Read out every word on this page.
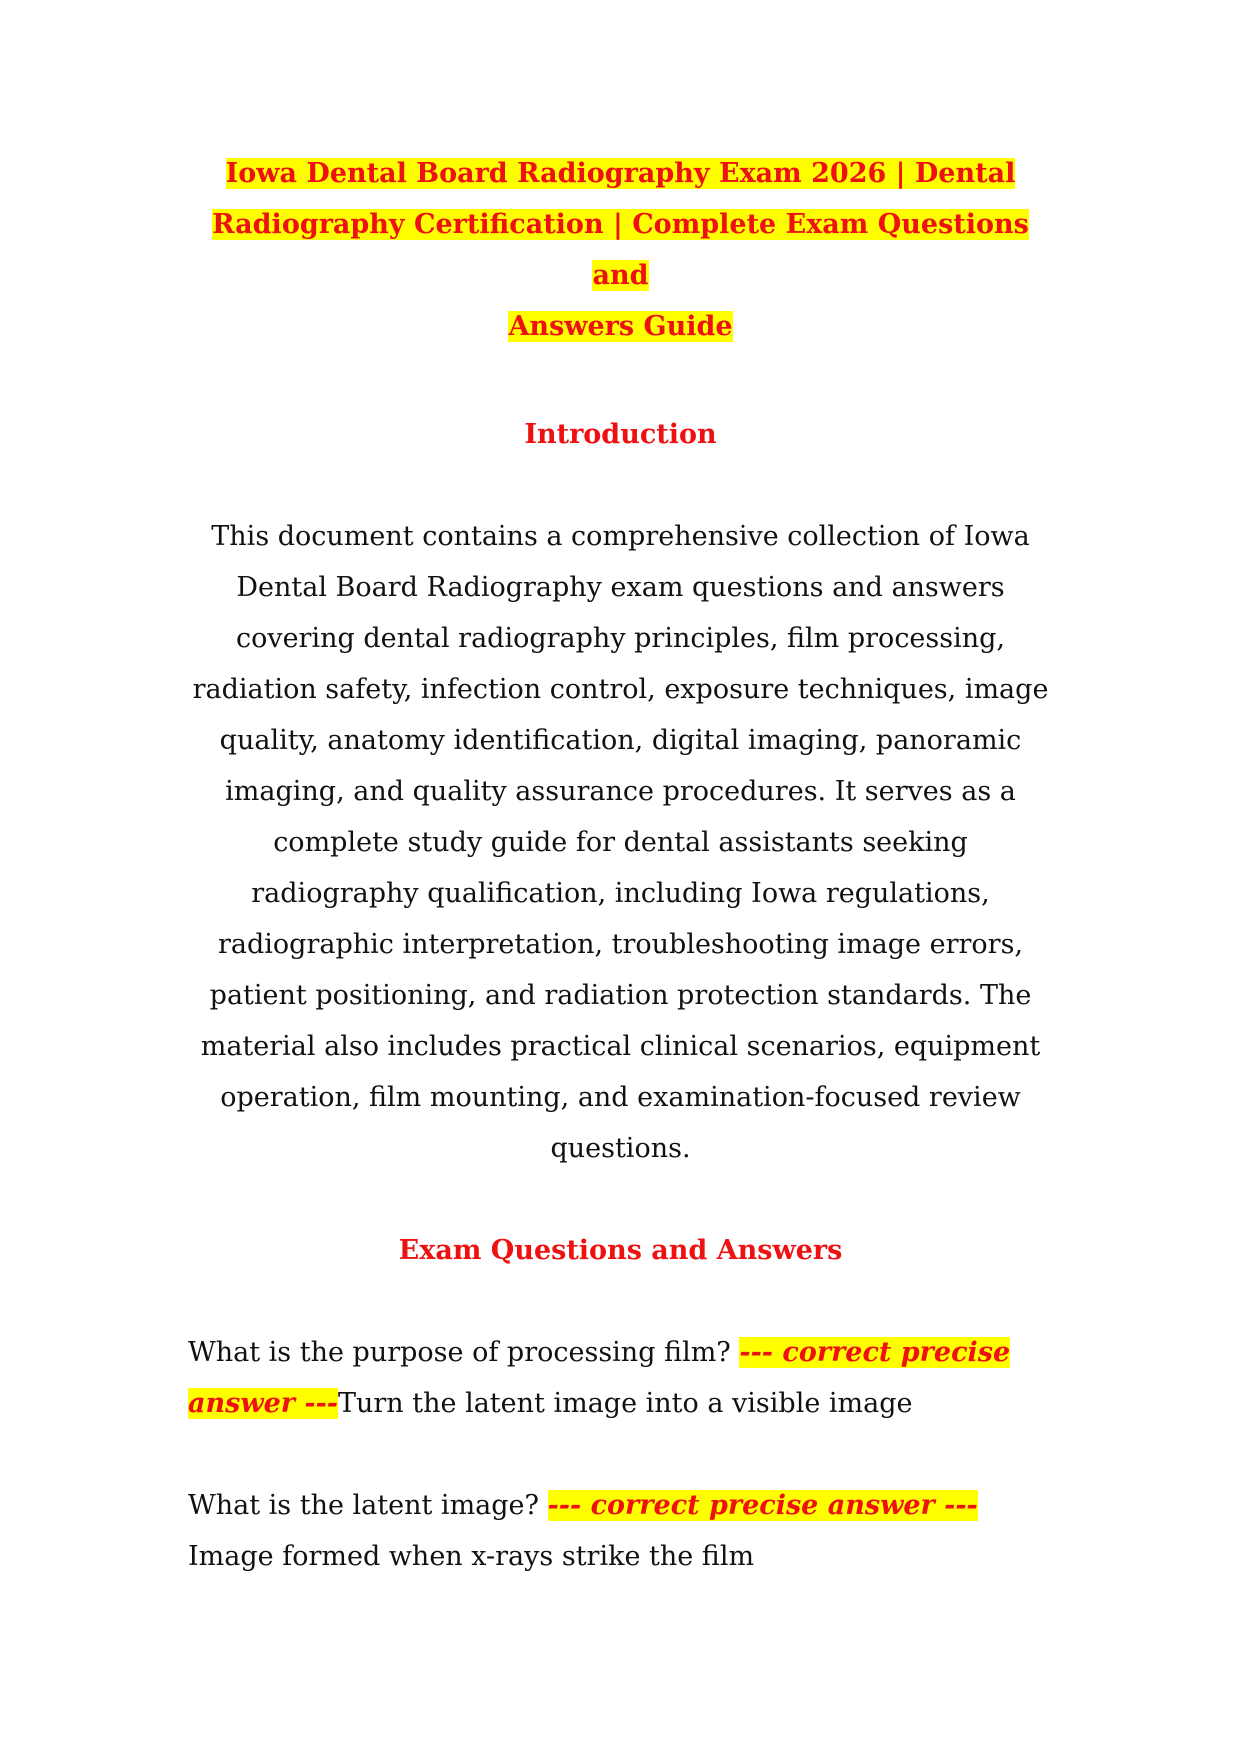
Iowa Dental Board Radiography Exam 2026 | Dental
Radiography Certification | Complete Exam Questions and
Answers Guide
Introduction

This document contains a comprehensive collection of Iowa Dental Board Radiography exam questions and answers covering dental radiography principles, film processing, radiation safety, infection control, exposure techniques, image quality, anatomy identification, digital imaging, panoramic imaging, and quality assurance procedures. It serves as a complete study guide for dental assistants seeking radiography qualification, including Iowa regulations, radiographic interpretation, troubleshooting image errors, patient positioning, and radiation protection standards. The material also includes practical clinical scenarios, equipment operation, film mounting, and examination-focused review questions.

Exam Questions and Answers

What is the purpose of processing film? --- correct precise answer ---Turn the latent image into a visible image

What is the latent image? --- correct precise answer ---Image formed when x-rays strike the film
